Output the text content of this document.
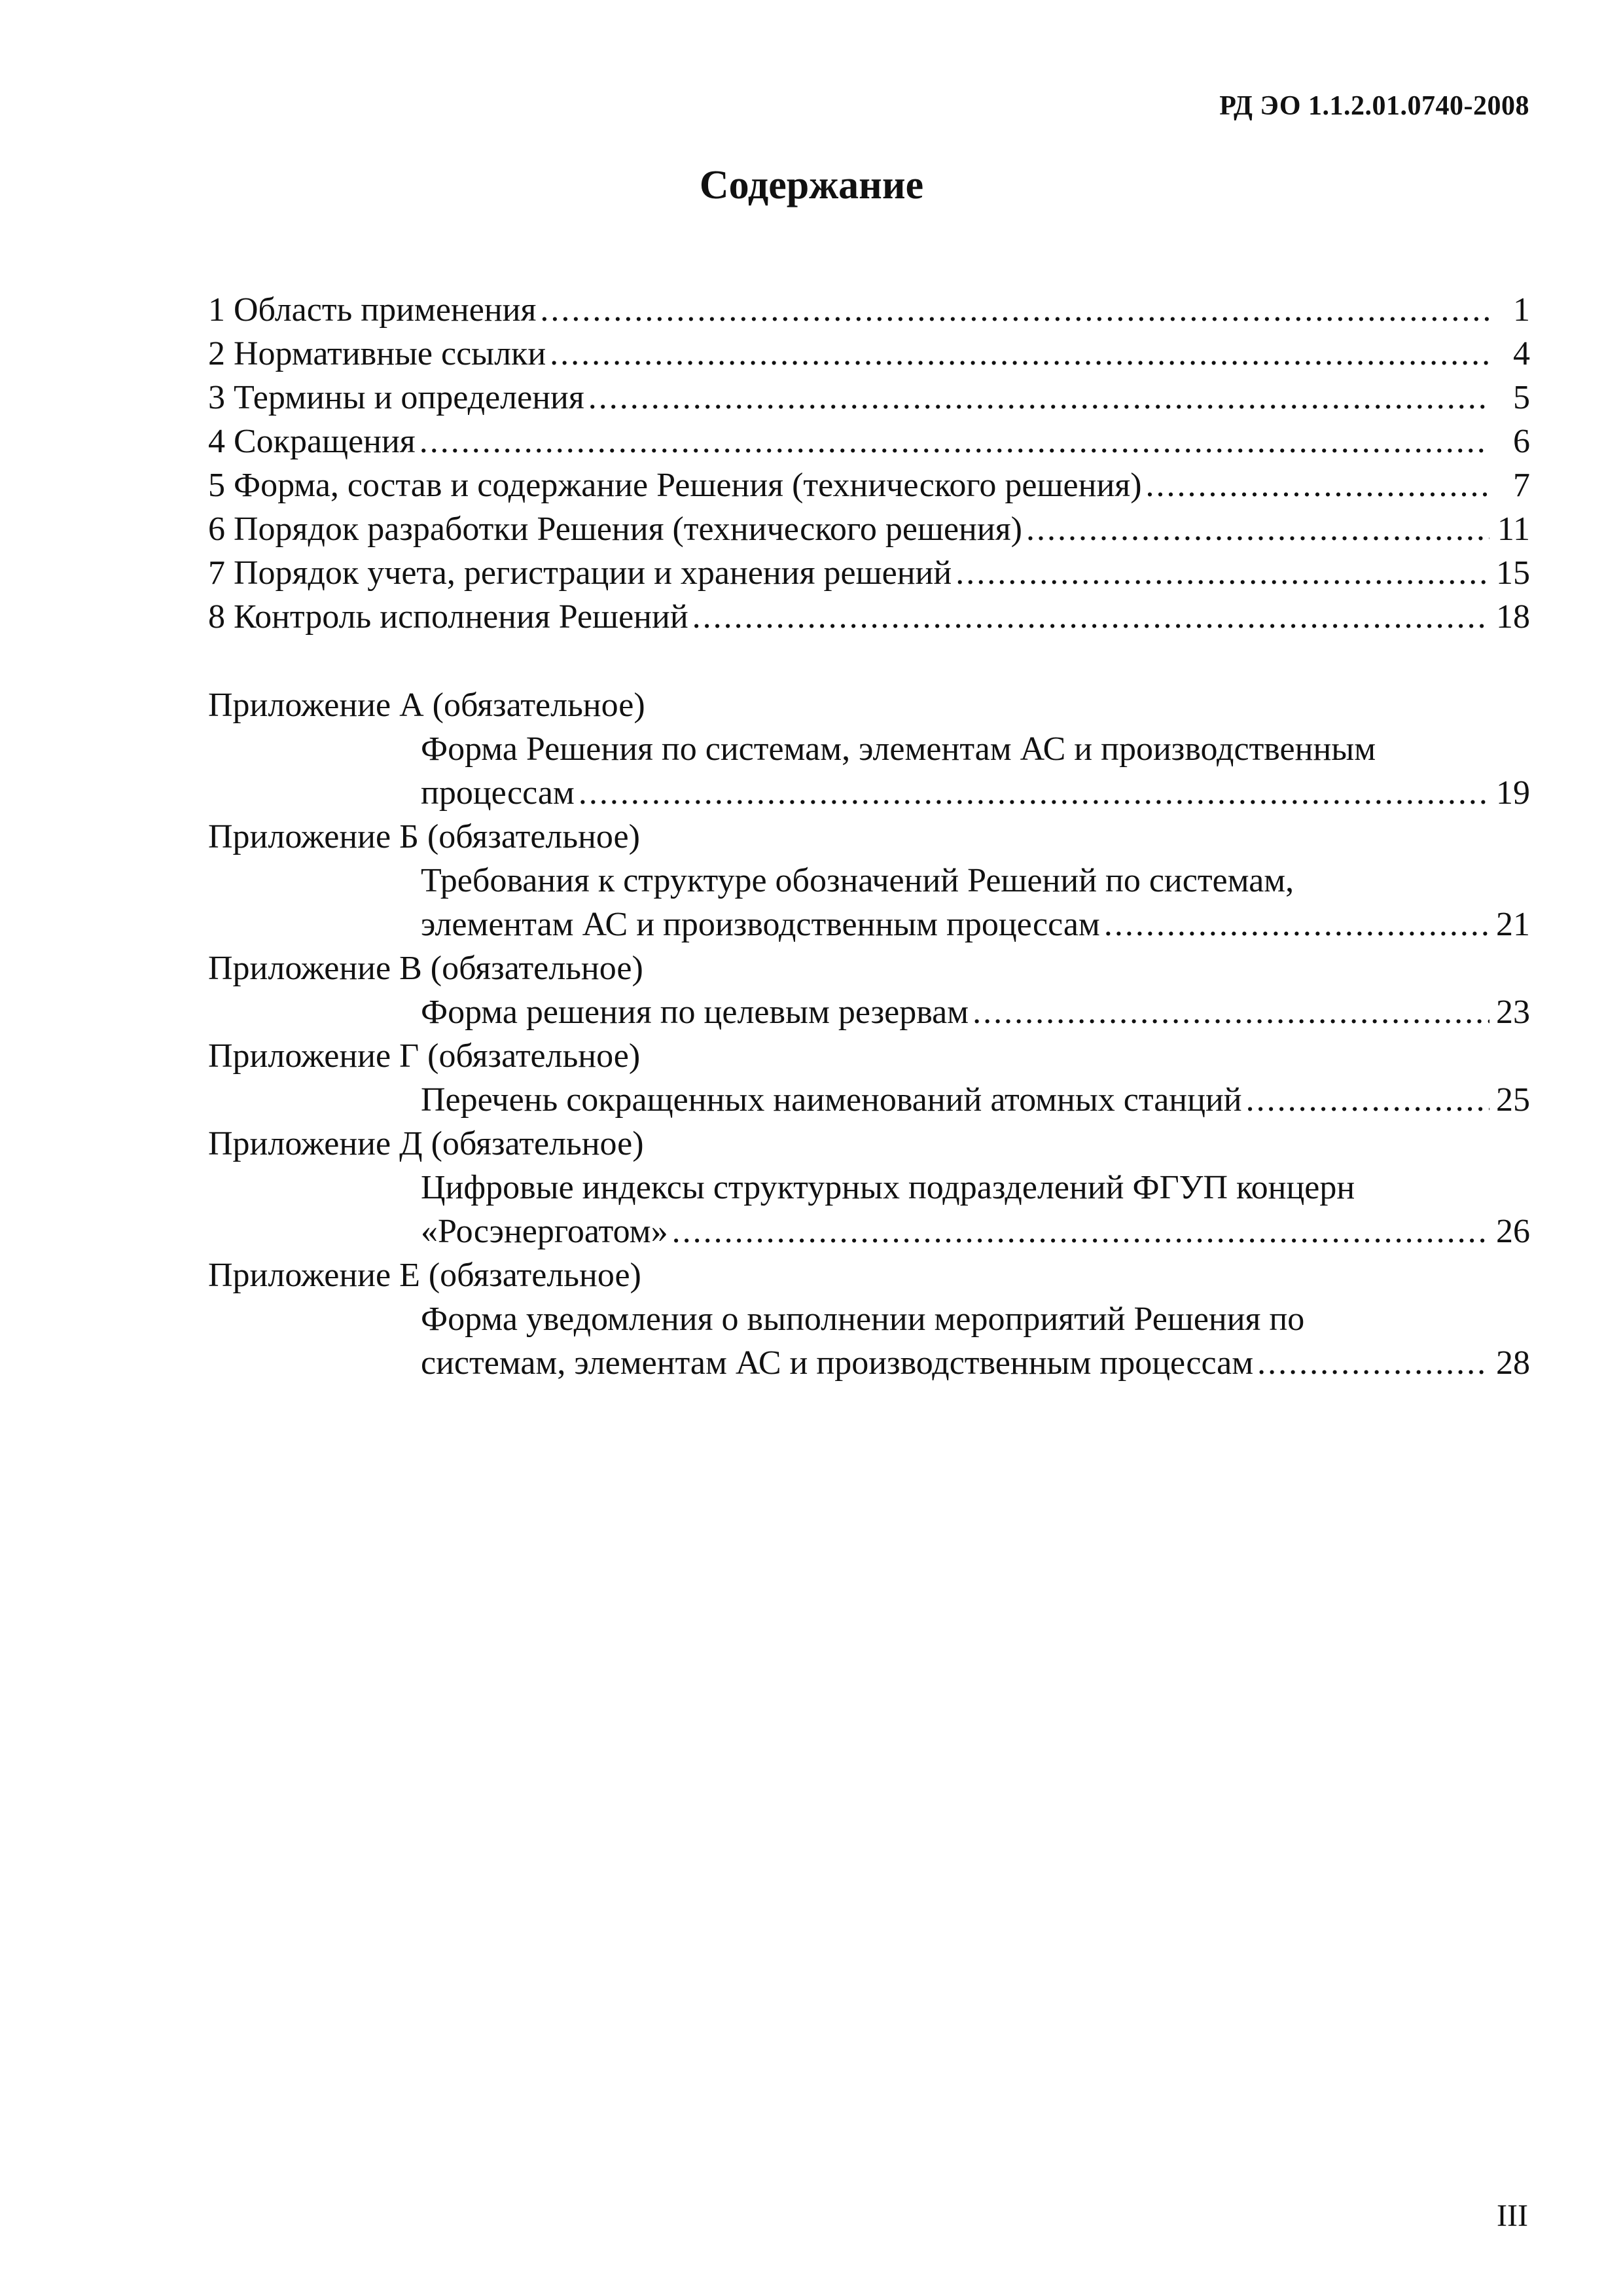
РД ЭО 1.1.2.01.0740-2008
Содержание
1 Область применения .....	1
2 Нормативные ссылки .....	4
3 Термины и определения .....	5
4 Сокращения .....	6
5 Форма, состав и содержание Решения (технического решения) .....	7
6 Порядок разработки Решения (технического решения) .....	11
7 Порядок учета, регистрации и хранения решений .....	15
8 Контроль исполнения Решений .....	18
Приложение А (обязательное)
Форма Решения по системам, элементам АС и производственным
процессам .....	19
Приложение Б (обязательное)
Требования к структуре обозначений Решений по системам,
элементам АС и производственным процессам .....	21
Приложение В (обязательное)
Форма решения по целевым резервам .....	23
Приложение Г (обязательное)
Перечень сокращенных наименований атомных станций .....	25
Приложение Д (обязательное)
Цифровые индексы структурных подразделений ФГУП концерн
«Росэнергоатом» .....	26
Приложение Е (обязательное)
Форма уведомления о выполнении мероприятий Решения по
системам, элементам АС и производственным процессам .....	28
III
